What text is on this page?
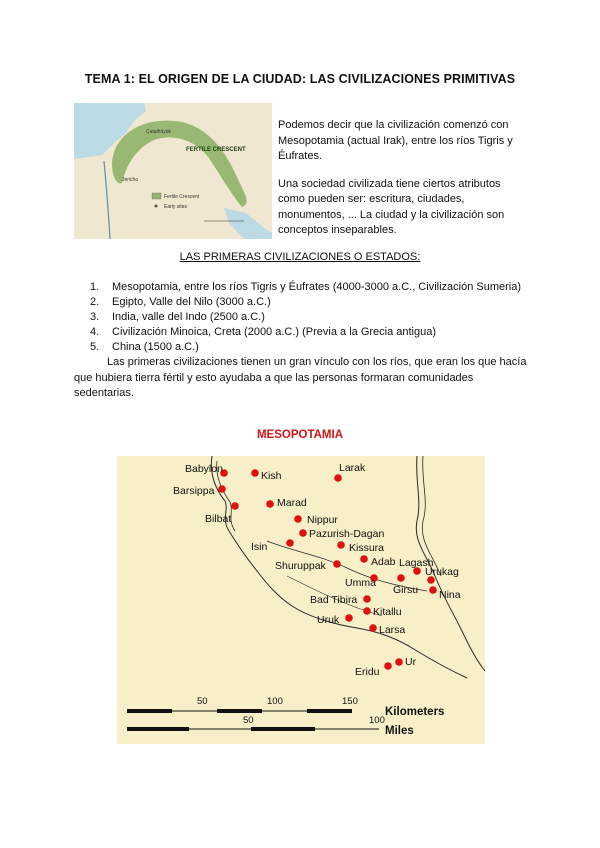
TEMA 1: EL ORIGEN DE LA CIUDAD: LAS CIVILIZACIONES PRIMITIVAS
Fertile Crescent
Early sites
Çatalhöyük
FERTILE CRESCENT
Jericho

Podemos decir que la civilización comenzó con Mesopotamia (actual Irak), entre los ríos Tigris y Éufrates.

Una sociedad civilizada tiene ciertos atributos como pueden ser: escritura, ciudades, monumentos, ... La ciudad y la civilización son conceptos inseparables.

LAS PRIMERAS CIVILIZACIONES O ESTADOS:
1.	Mesopotamia, entre los ríos Tigris y Éufrates (4000-3000 a.C., Civilización Sumeria)
2.	Egipto, Valle del Nilo (3000 a.C.)
3.	India, valle del Indo (2500 a.C.)
4.	Civilización Minoica, Creta (2000 a.C.) (Previa a la Grecia antigua)
5.	China (1500 a.C.)
Las primeras civilizaciones tienen un gran vínculo con los ríos, que eran los que hacía que hubiera tierra fértil y esto ayudaba a que las personas formaran comunidades sedentarias.
MESOPOTAMIA
Babylon
Kish
Larak
Barsippa
Bilbat
Marad
Nippur
Pazurish-Dagan
Isin	Kissura
Shuruppak	Adab Lagash
Urukag
Umma
Girsu Nina
Bad Tibira
Kitallu
Uruk
Larsa
Ur
Eridu
50	100	150
Kilometers
50	100
Miles
